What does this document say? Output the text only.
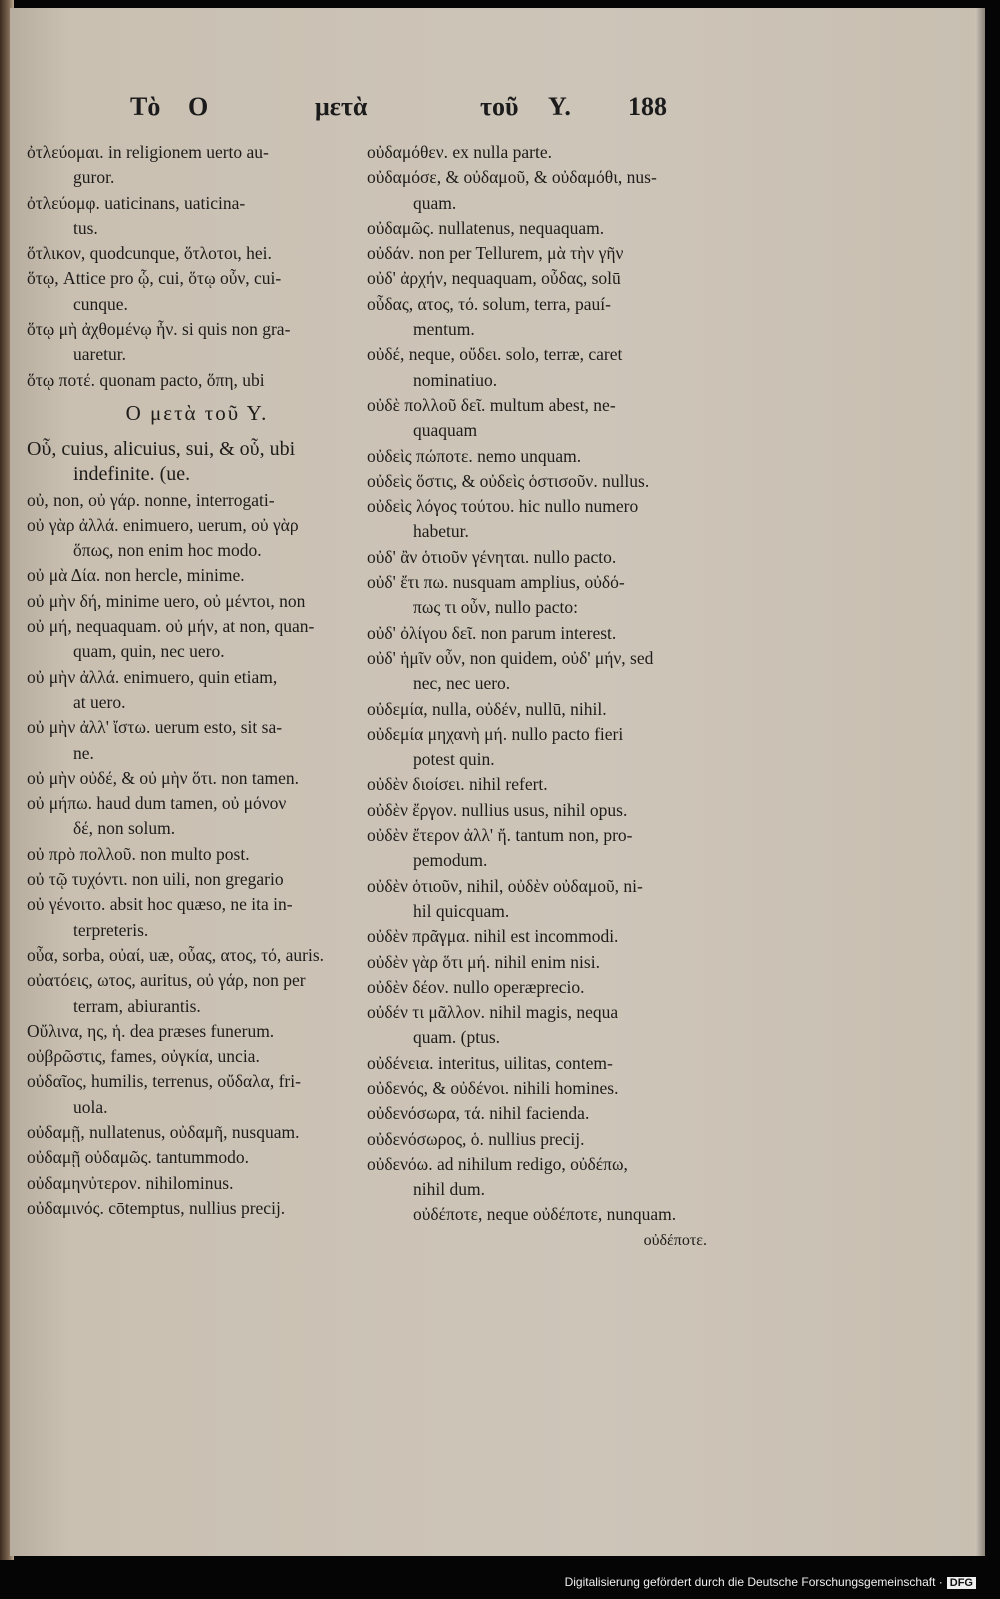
Τὸ Ο	μετὰ	τοῦ Υ. 188
ὀτλεύομαι. in religionem uerto au-
guror.
ὀτλεύομφ. uaticinans, uaticina-
tus.
ὅτλικον, quodcunque, ὅτλοτοι, hei.
ὅτῳ, Attice pro ᾧ, cui, ὅτῳ οὖν, cui-
cunque.
ὅτῳ μὴ ἀχθομένῳ ἦν. si quis non gra-
uaretur.
ὅτῳ ποτέ. quonam pacto, ὅπη, ubi
Ο μετὰ τοῦ Υ.
Οὗ, cuius, alicuius, sui, & οὗ, ubi
indefinite. (ue.
οὐ, non, οὐ γάρ. nonne, interrogati-
οὐ γὰρ ἀλλά. enimuero, uerum, οὐ γὰρ
ὅπως, non enim hoc modo.
οὐ μὰ Δία. non hercle, minime.
οὐ μὴν δή, minime uero, οὐ μέντοι, non
οὐ μή, nequaquam. οὐ μήν, at non, quan-
quam, quin, nec uero.
οὐ μὴν ἀλλά. enimuero, quin etiam,
at uero.
οὐ μὴν ἀλλ' ἴστω. uerum esto, sit sa-
ne.
οὐ μὴν οὐδέ, & οὐ μὴν ὅτι. non tamen.
οὐ μήπω. haud dum tamen, οὐ μόνον
δέ, non solum.
οὐ πρὸ πολλοῦ. non multo post.
οὐ τῷ τυχόντι. non uili, non gregario
οὐ γένοιτο. absit hoc quæso, ne ita in-
terpreteris.
οὖα, sorba, οὐαί, uæ, οὖας, ατος, τό, auris.
οὐατόεις, ωτος, auritus, οὐ γάρ, non per
terram, abiurantis.
Οὔλινα, ης, ἡ. dea præses funerum.
οὐβρῶστις, fames, οὐγκία, uncia.
οὐδαῖος, humilis, terrenus, οὔδαλα, fri-
uola.
οὐδαμῇ, nullatenus, οὐδαμῆ, nusquam.
οὐδαμῇ οὐδαμῶς. tantummodo.
οὐδαμηνὐτερον. nihilominus.
οὐδαμινός. cōtemptus, nullius precij.
οὐδαμόθεν. ex nulla parte.
οὐδαμόσε, & οὐδαμοῦ, & οὐδαμόθι, nus-
quam.
οὐδαμῶς. nullatenus, nequaquam.
οὐδάν. non per Tellurem, μὰ τὴν γῆν
οὐδ' ἀρχήν, nequaquam, οὖδας, solū
οὖδας, ατος, τό. solum, terra, pauí-
mentum.
οὐδέ, neque, οὔδει. solo, terræ, caret
nominatiuo.
οὐδὲ πολλοῦ δεῖ. multum abest, ne-
quaquam
οὐδεὶς πώποτε. nemo unquam.
οὐδεὶς ὅστις, & οὐδεὶς ὁστισοῦν. nullus.
οὐδεὶς λόγος τούτου. hic nullo numero
habetur.
οὐδ' ἂν ὁτιοῦν γένηται. nullo pacto.
οὐδ' ἔτι πω. nusquam amplius, οὐδό-
πως τι οὖν, nullo pacto:
οὐδ' ὀλίγου δεῖ. non parum interest.
οὐδ' ἡμῖν οὖν, non quidem, οὐδ' μήν, sed
nec, nec uero.
οὐδεμία, nulla, οὐδέν, nullū, nihil.
οὐδεμία μηχανὴ μή. nullo pacto fieri
potest quin.
οὐδὲν διοίσει. nihil refert.
οὐδὲν ἔργον. nullius usus, nihil opus.
οὐδὲν ἔτερον ἀλλ' ἤ. tantum non, pro-
pemodum.
οὐδὲν ὁτιοῦν, nihil, οὐδὲν οὐδαμοῦ, ni-
hil quicquam.
οὐδὲν πρᾶγμα. nihil est incommodi.
οὐδὲν γὰρ ὅτι μή. nihil enim nisi.
οὐδὲν δέον. nullo operæprecio.
οὐδέν τι μᾶλλον. nihil magis, nequa
quam. (ptus.
οὐδένεια. interitus, uilitas, contem-
οὐδενός, & οὐδένοι. nihili homines.
οὐδενόσωρα, τά. nihil facienda.
οὐδενόσωρος, ὁ. nullius precij.
οὐδενόω. ad nihilum redigo, οὐδέπω,
nihil dum.
οὐδέποτε, neque οὐδέποτε, nunquam.
οὐδέποτε.
Digitalisierung gefördert durch die Deutsche Forschungsgemeinschaft · DFG
